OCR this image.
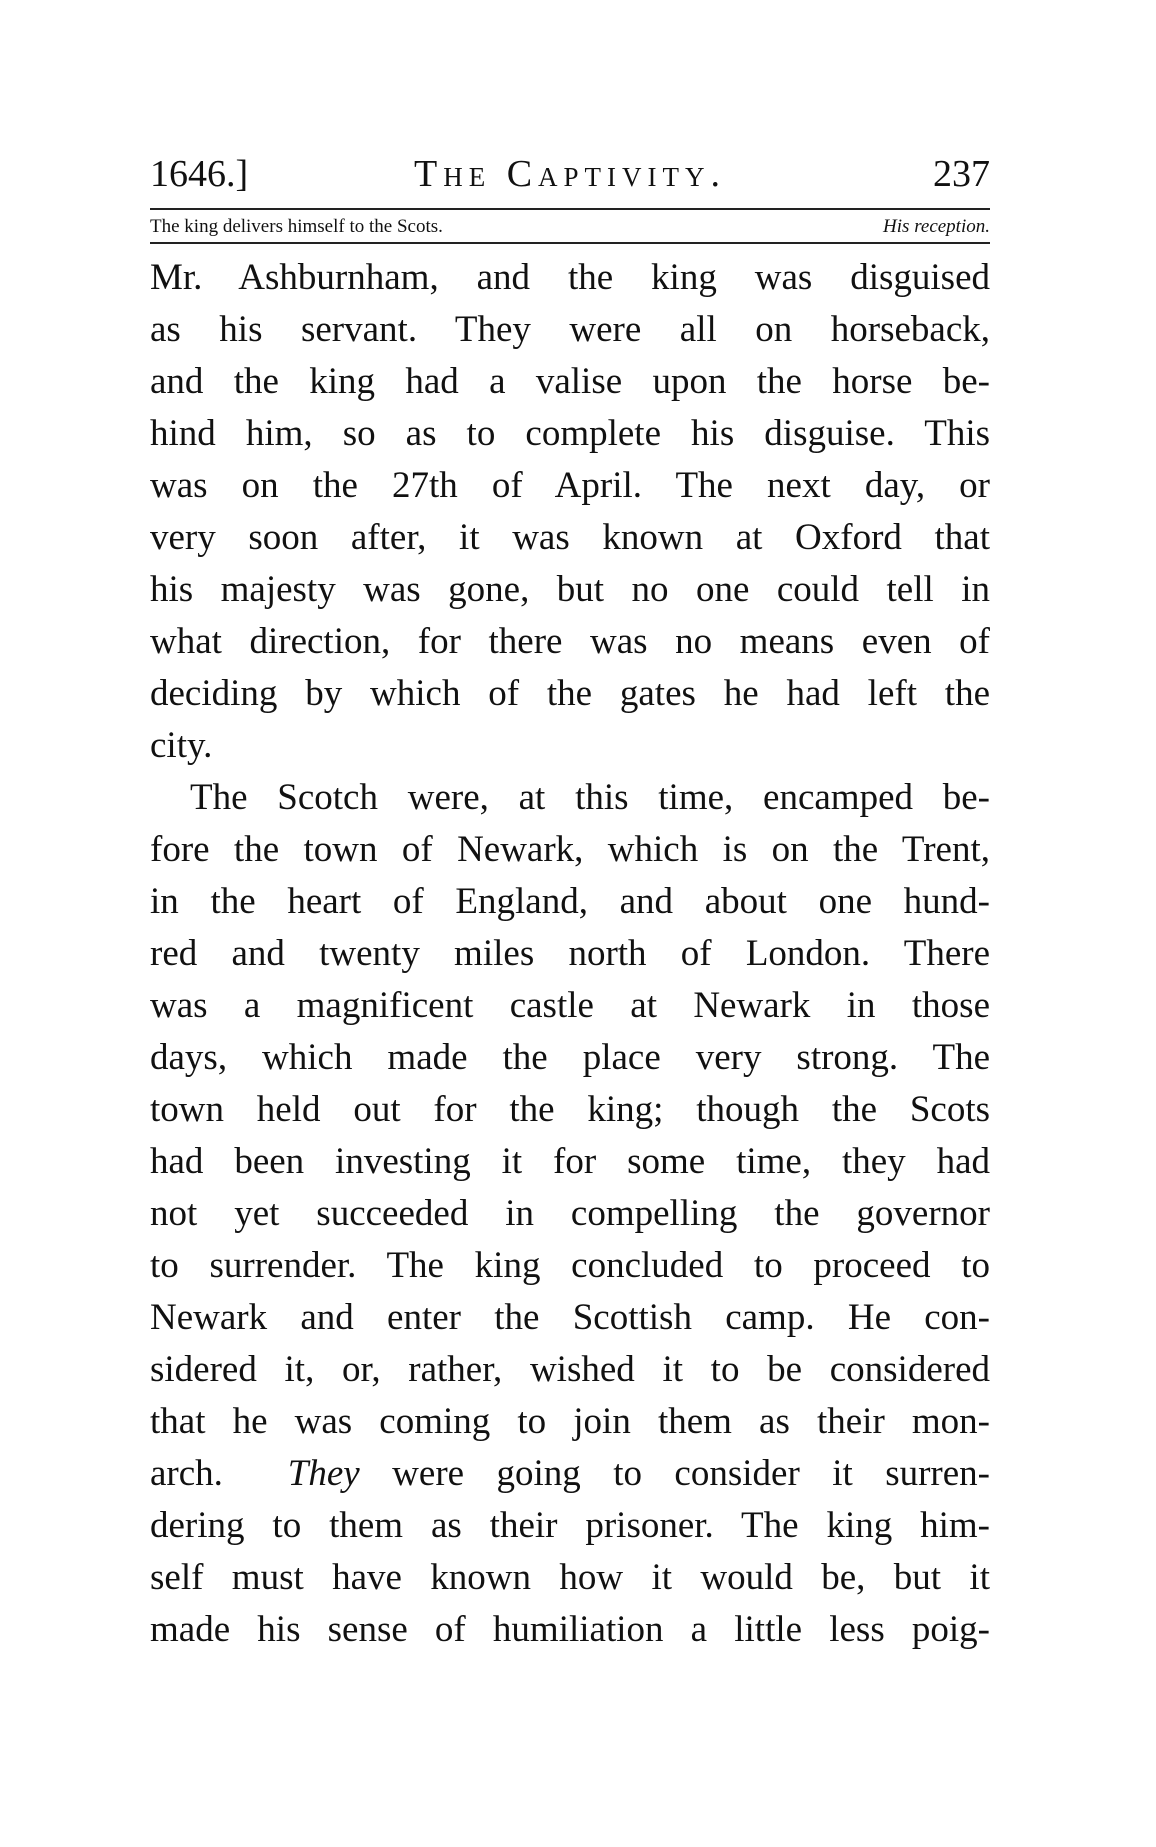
1646.]	The Captivity.	237
The king delivers himself to the Scots.	His reception.
Mr. Ashburnham, and the king was disguised
as his servant. They were all on horseback,
and the king had a valise upon the horse be-
hind him, so as to complete his disguise. This
was on the 27th of April. The next day, or
very soon after, it was known at Oxford that
his majesty was gone, but no one could tell in
what direction, for there was no means even of
deciding by which of the gates he had left the
city.
The Scotch were, at this time, encamped be-
fore the town of Newark, which is on the Trent,
in the heart of England, and about one hund-
red and twenty miles north of London. There
was a magnificent castle at Newark in those
days, which made the place very strong. The
town held out for the king; though the Scots
had been investing it for some time, they had
not yet succeeded in compelling the governor
to surrender. The king concluded to proceed to
Newark and enter the Scottish camp. He con-
sidered it, or, rather, wished it to be considered
that he was coming to join them as their mon-
arch. They were going to consider it surren-
dering to them as their prisoner. The king him-
self must have known how it would be, but it
made his sense of humiliation a little less poig-
